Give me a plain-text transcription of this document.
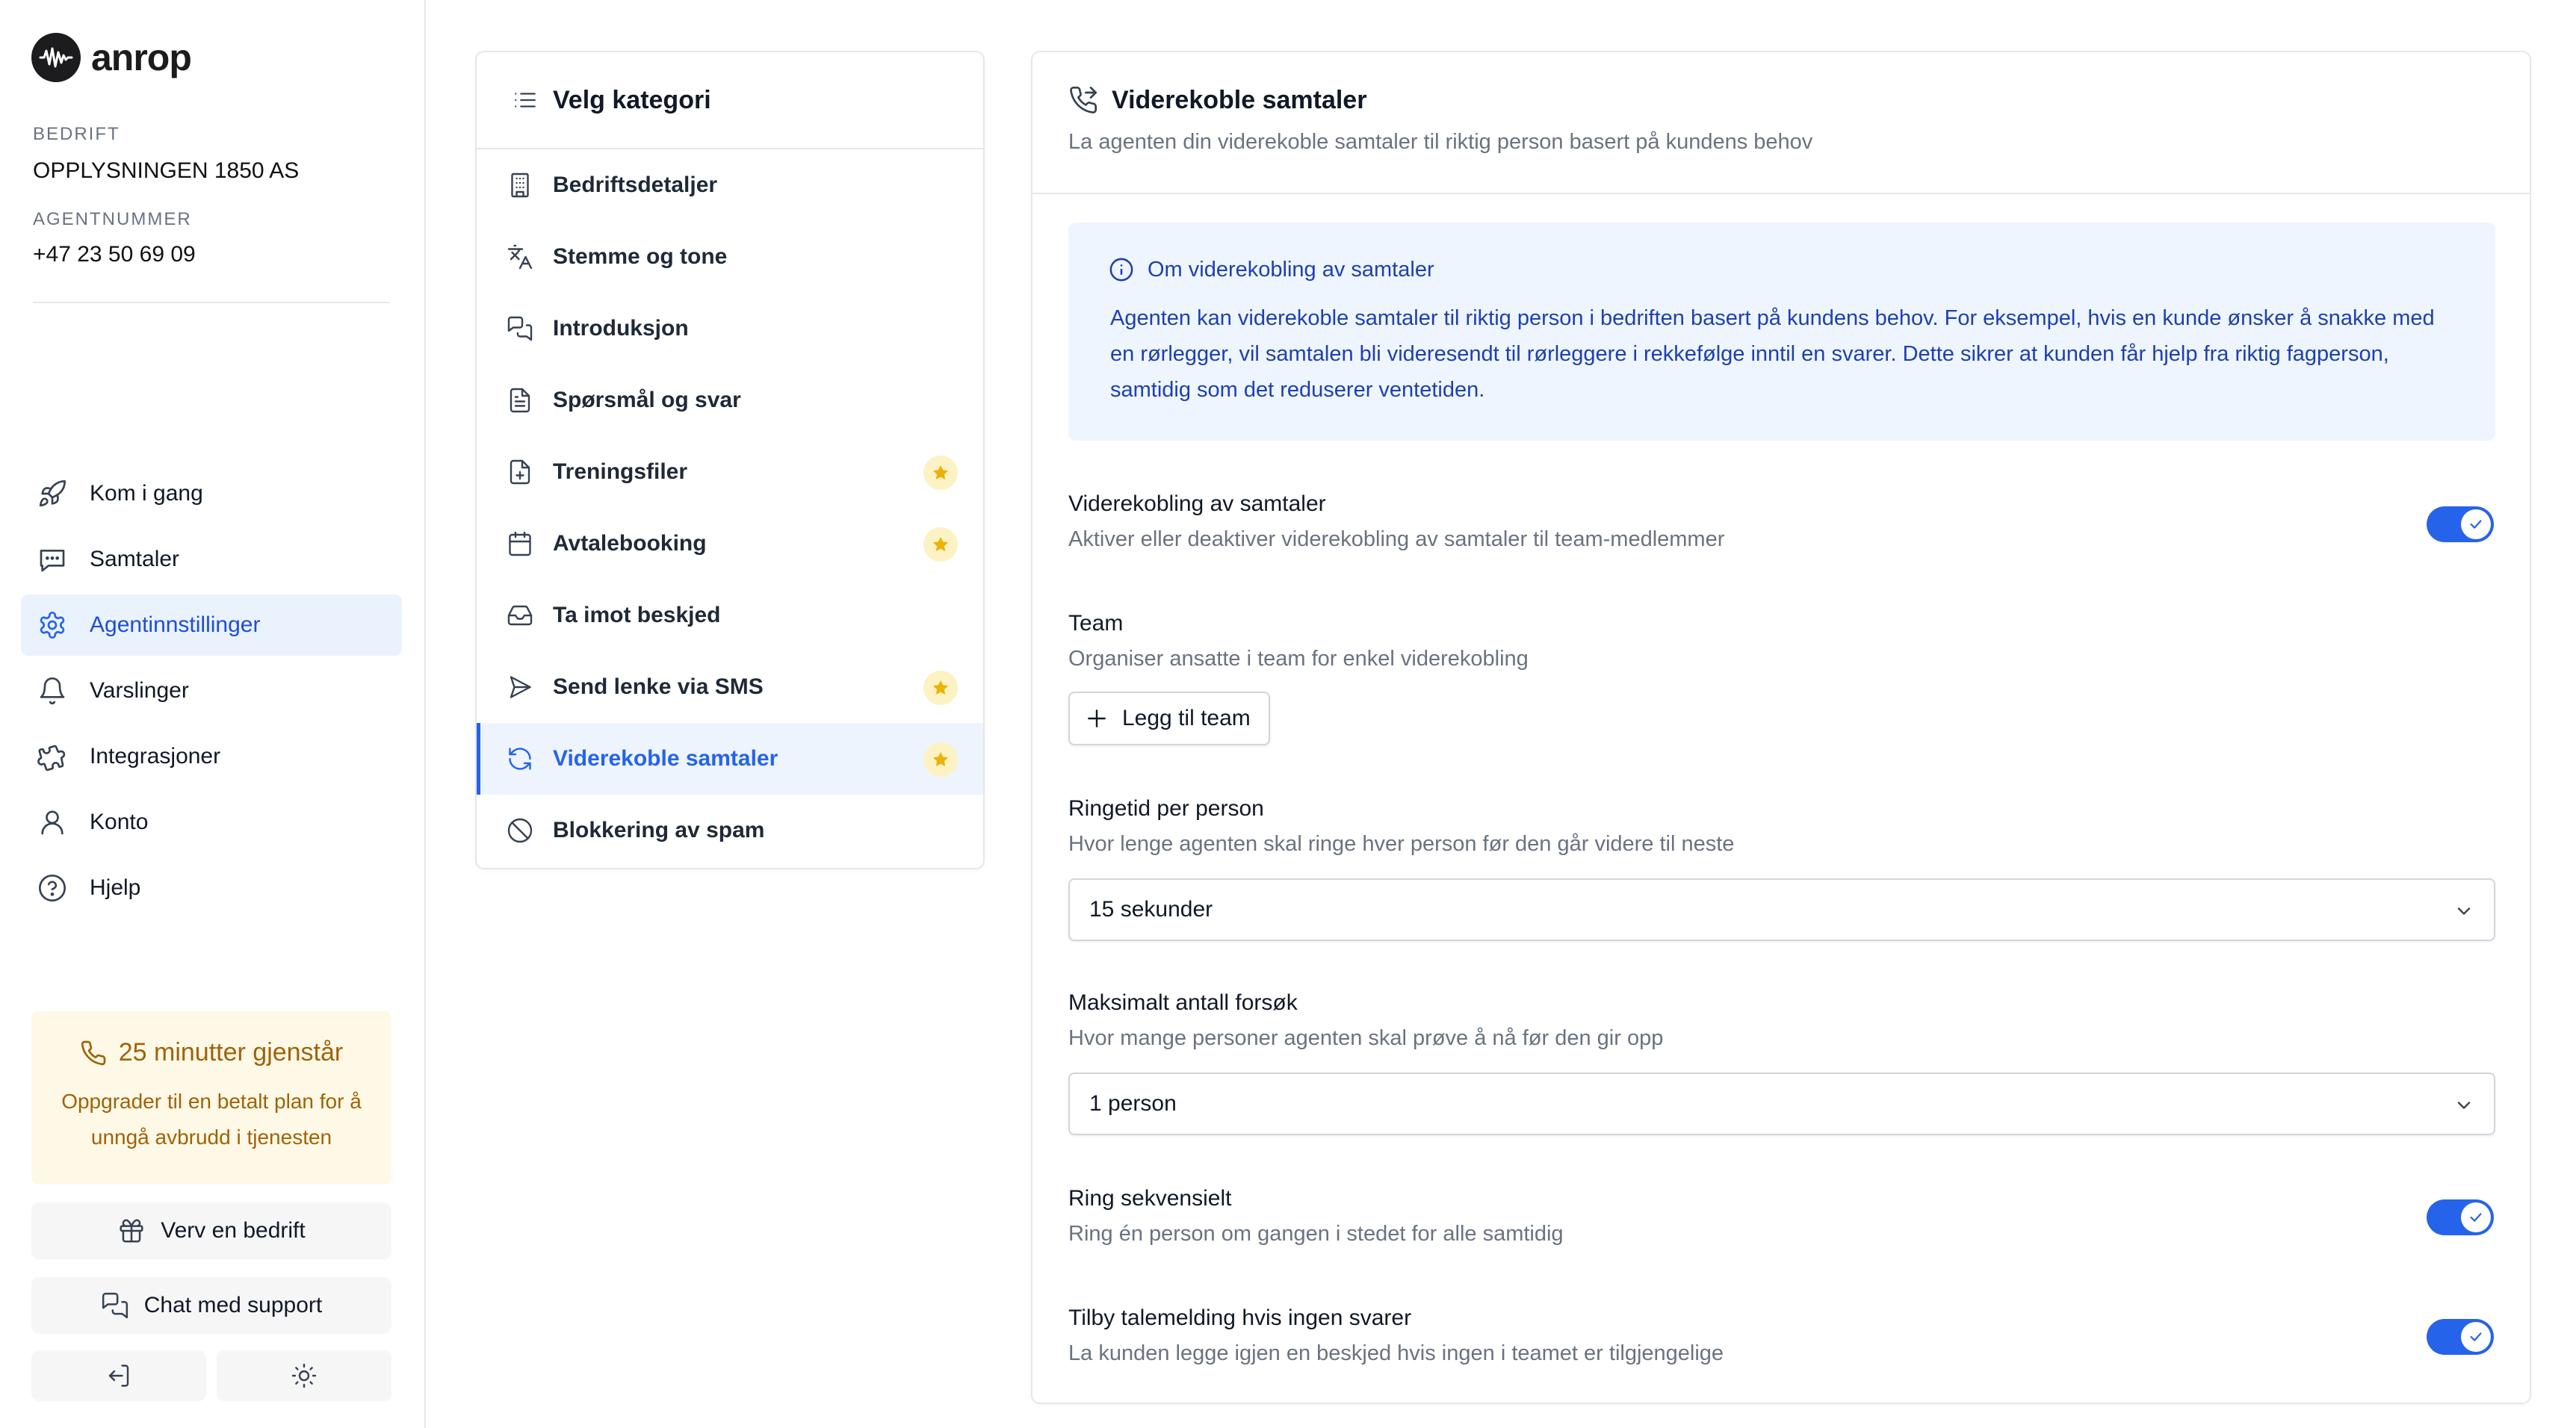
anrop
BEDRIFT
OPPLYSNINGEN 1850 AS
AGENTNUMMER
+47 23 50 69 09
Kom i gang
Samtaler
Agentinnstillinger
Varslinger
Integrasjoner
Konto
Hjelp
25 minutter gjenstår
Oppgrader til en betalt plan for å unngå avbrudd i tjenesten
Verv en bedrift
Chat med support
Velg kategori
Bedriftsdetaljer
Stemme og tone
Introduksjon
Spørsmål og svar
Treningsfiler
Avtalebooking
Ta imot beskjed
Send lenke via SMS
Viderekoble samtaler
Blokkering av spam
Viderekoble samtaler
La agenten din viderekoble samtaler til riktig person basert på kundens behov
Om viderekobling av samtaler
Agenten kan viderekoble samtaler til riktig person i bedriften basert på kundens behov. For eksempel, hvis en kunde ønsker å snakke med en rørlegger, vil samtalen bli videresendt til rørleggere i rekkefølge inntil en svarer. Dette sikrer at kunden får hjelp fra riktig fagperson, samtidig som det reduserer ventetiden.
Viderekobling av samtaler
Aktiver eller deaktiver viderekobling av samtaler til team-medlemmer
Team
Organiser ansatte i team for enkel viderekobling
Legg til team
Ringetid per person
Hvor lenge agenten skal ringe hver person før den går videre til neste
15 sekunder
Maksimalt antall forsøk
Hvor mange personer agenten skal prøve å nå før den gir opp
1 person
Ring sekvensielt
Ring én person om gangen i stedet for alle samtidig
Tilby talemelding hvis ingen svarer
La kunden legge igjen en beskjed hvis ingen i teamet er tilgjengelige
